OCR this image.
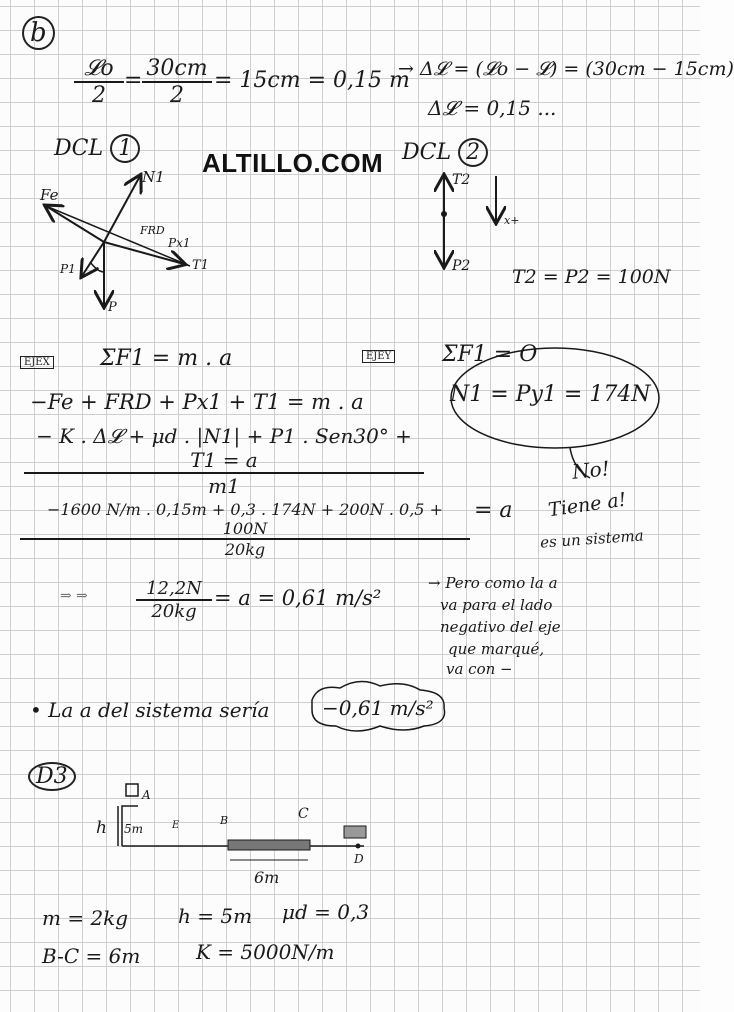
b
𝓛o
2
= $\frac{30cm}{2} = 15cm = 0,15$ m
→ Δ𝓛 = (𝓛o − 𝓛) = (30cm − 15cm)
Δ𝓛 = 0,15 ...
DCL 1	ALTILLO.COM DCL 2
N1
Fe
FRD
Px1
T1
P1
P
T2
P2
x+
T2 = P2 = 100N
EJEX ΣF1 = m . a	EJEY ΣF1 = O
−Fe + FRD + Px1 + T1 = m . a	N1 = Py1 = 174N
− K . Δ𝓛 + μd . |N1| + P1 . Sen30° + T1 = a
m1
No!
Tiene a!
es un sistema
$\frac{-1600 N/m . 0,15m + 0,3 . 174N + 200N . 0,5 + 100N}{20kg} = a$
⇒ ⇒	$\frac{12,2N}{20kg} = a = 0,61$ m/s²
→ Pero como la a
va para el lado
negativo del eje
que marqué,
va con −
• La a del sistema sería	−0,61 m/s²
D3
A
h 5m	E	B	C
D
6m
m = 2kg h = 5m μd = 0,3
B-C = 6m	K = 5000N/m
